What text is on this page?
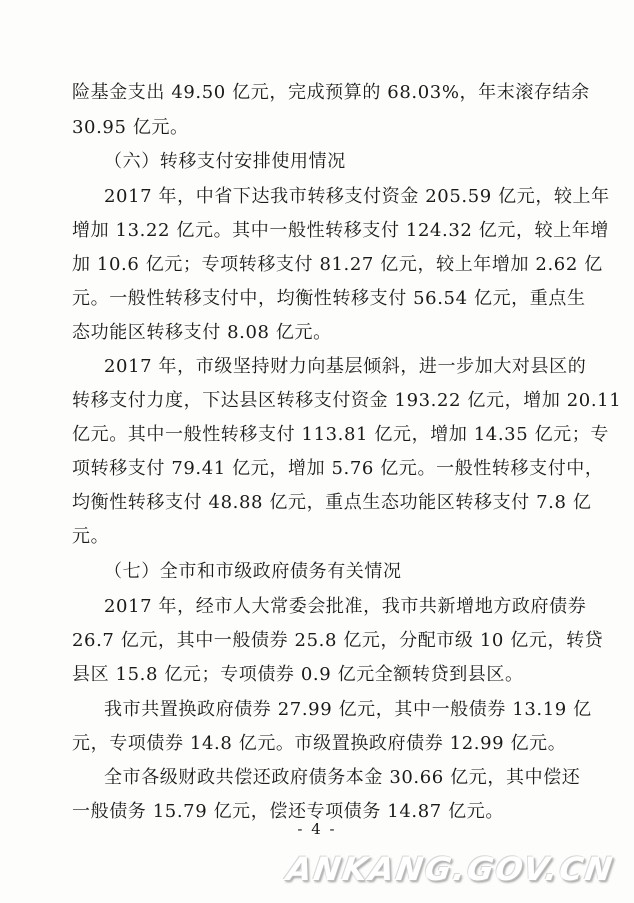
险基金支出 49.50 亿元，完成预算的 68.03%，年末滚存结余
30.95 亿元。
（六）转移支付安排使用情况
2017 年，中省下达我市转移支付资金 205.59 亿元，较上年
增加 13.22 亿元。其中一般性转移支付 124.32 亿元，较上年增
加 10.6 亿元；专项转移支付 81.27 亿元，较上年增加 2.62 亿
元。一般性转移支付中，均衡性转移支付 56.54 亿元，重点生
态功能区转移支付 8.08 亿元。
2017 年，市级坚持财力向基层倾斜，进一步加大对县区的
转移支付力度，下达县区转移支付资金 193.22 亿元，增加 20.11
亿元。其中一般性转移支付 113.81 亿元，增加 14.35 亿元；专
项转移支付 79.41 亿元，增加 5.76 亿元。一般性转移支付中，
均衡性转移支付 48.88 亿元，重点生态功能区转移支付 7.8 亿
元。
（七）全市和市级政府债务有关情况
2017 年，经市人大常委会批准，我市共新增地方政府债券
26.7 亿元，其中一般债券 25.8 亿元，分配市级 10 亿元，转贷
县区 15.8 亿元；专项债券 0.9 亿元全额转贷到县区。
我市共置换政府债券 27.99 亿元，其中一般债券 13.19 亿
元，专项债券 14.8 亿元。市级置换政府债券 12.99 亿元。
全市各级财政共偿还政府债务本金 30.66 亿元，其中偿还
一般债务 15.79 亿元，偿还专项债务 14.87 亿元。
- 4 -
ANKANG.GOV.CN
